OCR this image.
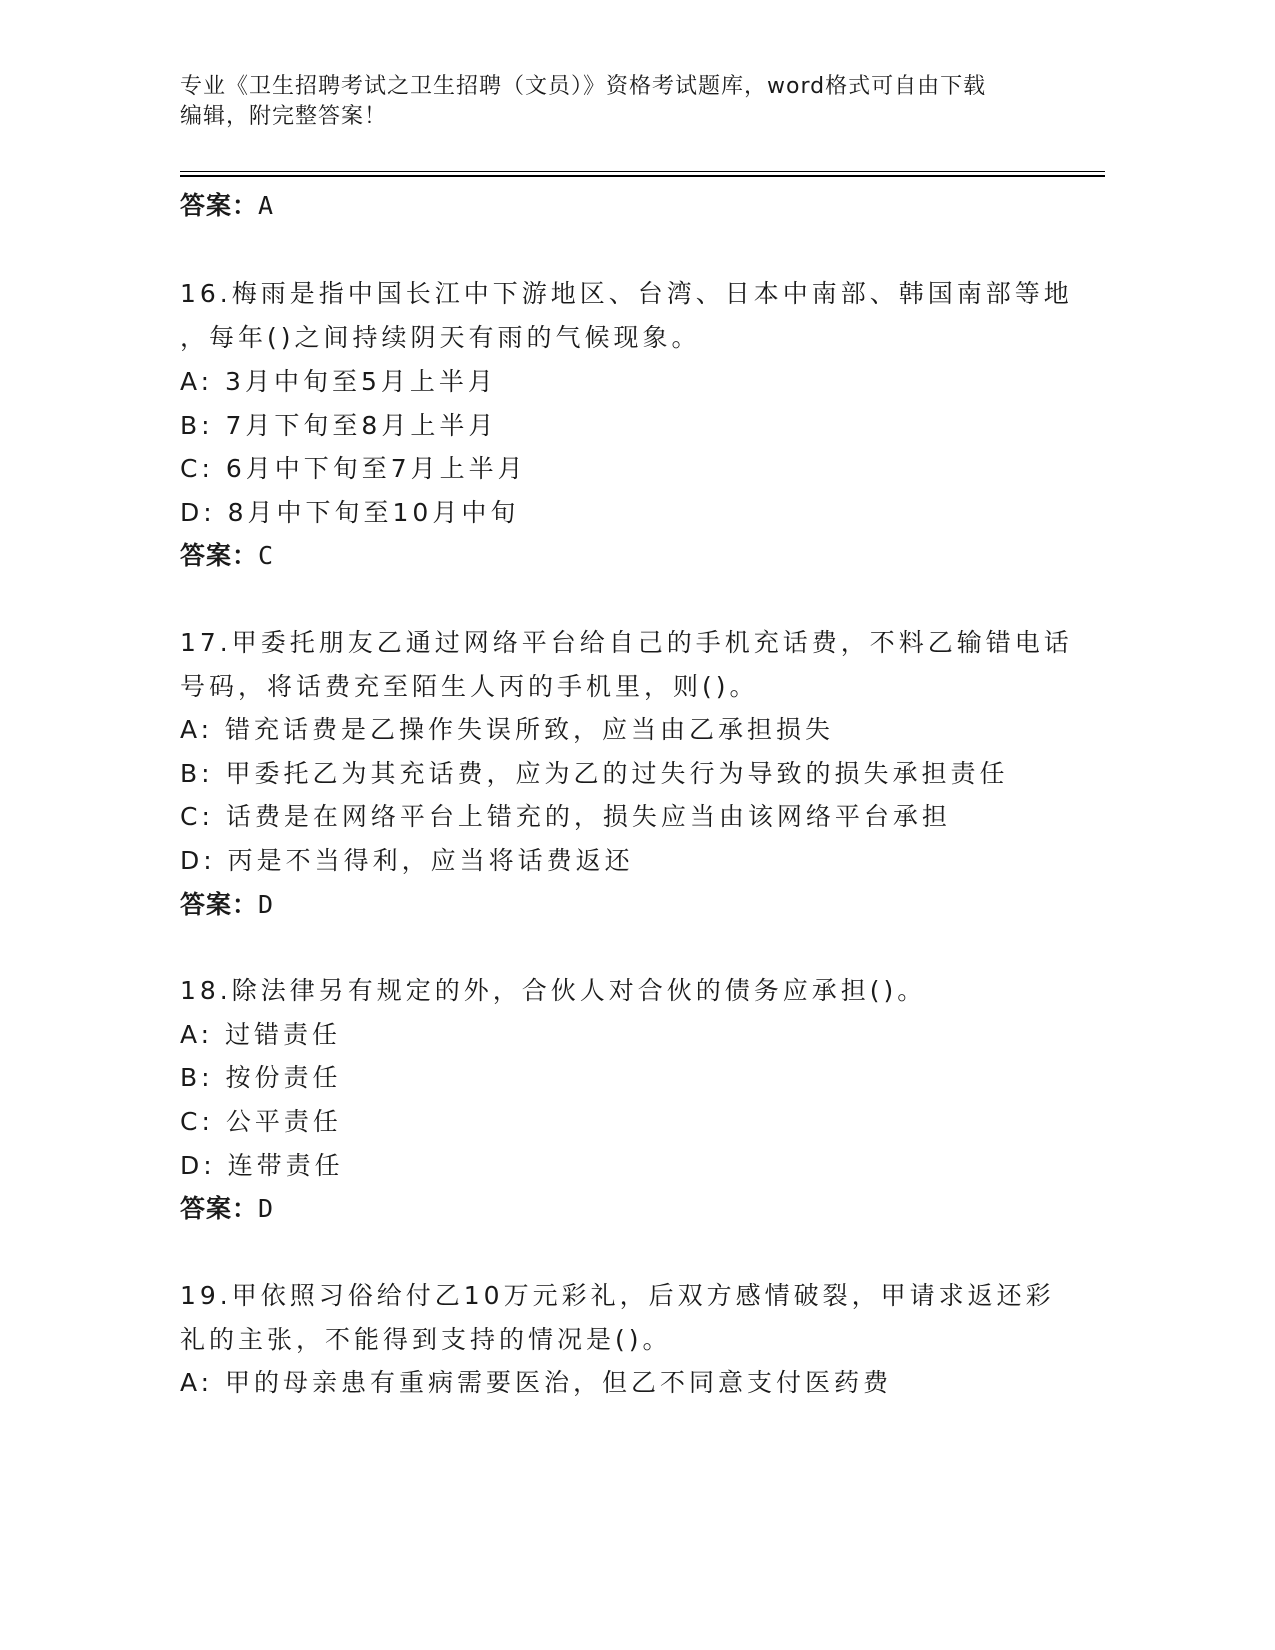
专业《卫生招聘考试之卫生招聘（文员）》资格考试题库，word格式可自由下载
编辑，附完整答案！
答案：A
16.梅雨是指中国长江中下游地区、台湾、日本中南部、韩国南部等地
，每年()之间持续阴天有雨的气候现象。
A: 3月中旬至5月上半月
B: 7月下旬至8月上半月
C: 6月中下旬至7月上半月
D: 8月中下旬至10月中旬
答案：C
17.甲委托朋友乙通过网络平台给自己的手机充话费，不料乙输错电话
号码，将话费充至陌生人丙的手机里，则()。
A: 错充话费是乙操作失误所致，应当由乙承担损失
B: 甲委托乙为其充话费，应为乙的过失行为导致的损失承担责任
C: 话费是在网络平台上错充的，损失应当由该网络平台承担
D: 丙是不当得利，应当将话费返还
答案：D
18.除法律另有规定的外，合伙人对合伙的债务应承担()。
A: 过错责任
B: 按份责任
C: 公平责任
D: 连带责任
答案：D
19.甲依照习俗给付乙10万元彩礼，后双方感情破裂，甲请求返还彩
礼的主张，不能得到支持的情况是()。
A: 甲的母亲患有重病需要医治，但乙不同意支付医药费
